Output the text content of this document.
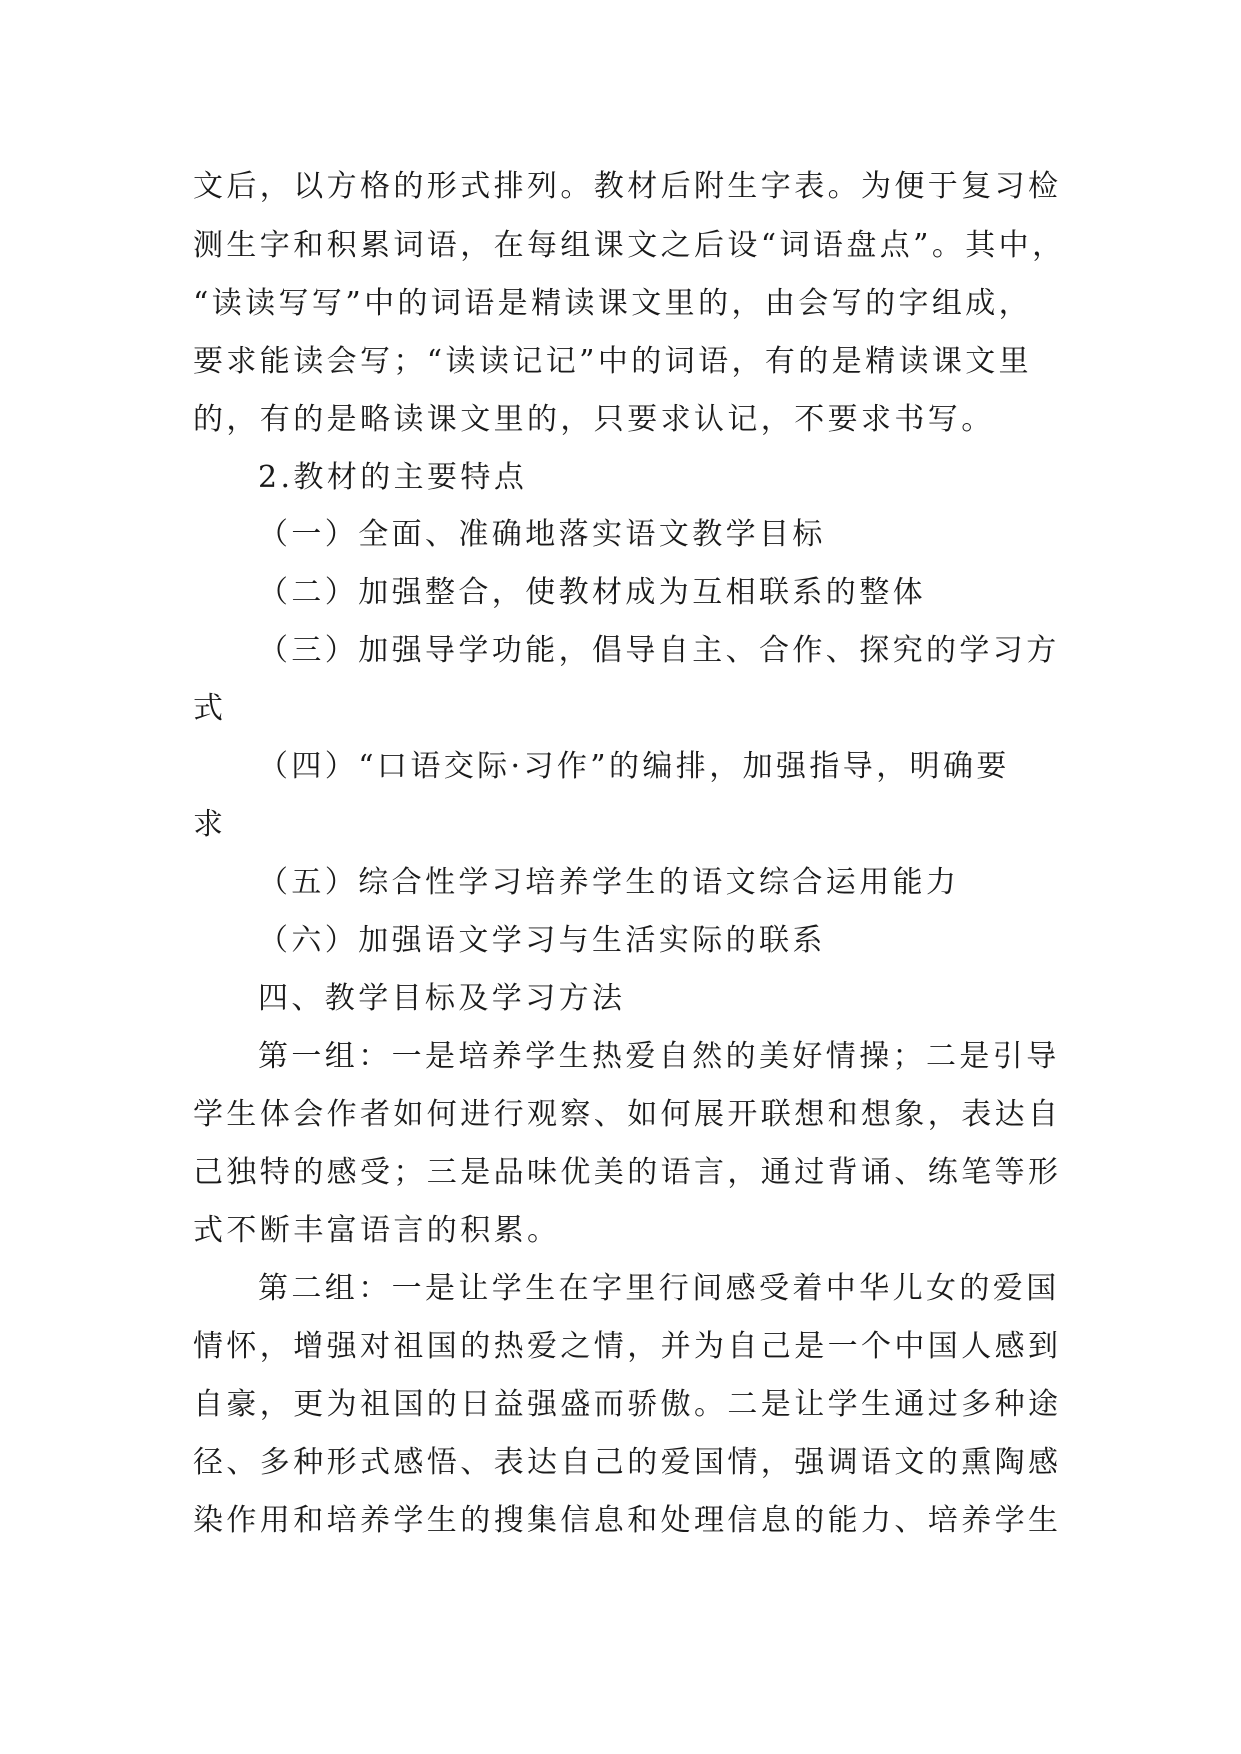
文后，以方格的形式排列。教材后附生字表。为便于复习检
测生字和积累词语，在每组课文之后设“词语盘点”。其中，
“读读写写”中的词语是精读课文里的，由会写的字组成，
要求能读会写；“读读记记”中的词语，有的是精读课文里
的，有的是略读课文里的，只要求认记，不要求书写。
2.教材的主要特点
（一）全面、准确地落实语文教学目标
（二）加强整合，使教材成为互相联系的整体
（三）加强导学功能，倡导自主、合作、探究的学习方
式
（四）“口语交际·习作”的编排，加强指导，明确要
求
（五）综合性学习培养学生的语文综合运用能力
（六）加强语文学习与生活实际的联系
四、教学目标及学习方法
第一组：一是培养学生热爱自然的美好情操；二是引导
学生体会作者如何进行观察、如何展开联想和想象，表达自
己独特的感受；三是品味优美的语言，通过背诵、练笔等形
式不断丰富语言的积累。
第二组：一是让学生在字里行间感受着中华儿女的爱国
情怀，增强对祖国的热爱之情，并为自己是一个中国人感到
自豪，更为祖国的日益强盛而骄傲。二是让学生通过多种途
径、多种形式感悟、表达自己的爱国情，强调语文的熏陶感
染作用和培养学生的搜集信息和处理信息的能力、培养学生
